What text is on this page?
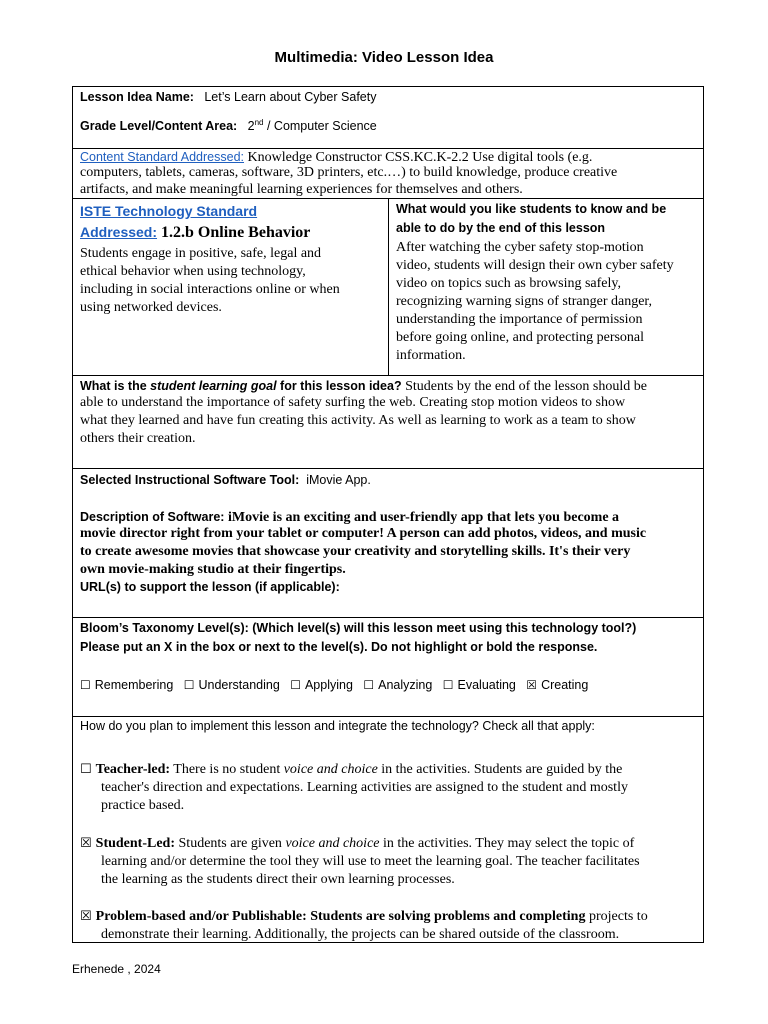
Multimedia: Video Lesson Idea
Lesson Idea Name: Let’s Learn about Cyber Safety
Grade Level/Content Area: 2nd / Computer Science
Content Standard Addressed: Knowledge Constructor CSS.KC.K-2.2 Use digital tools (e.g.
computers, tablets, cameras, software, 3D printers, etc.…) to build knowledge, produce creative
artifacts, and make meaningful learning experiences for themselves and others.
ISTE Technology Standard
Addressed: 1.2.b Online Behavior
Students engage in positive, safe, legal and
ethical behavior when using technology,
including in social interactions online or when
using networked devices.
What would you like students to know and be
able to do by the end of this lesson
After watching the cyber safety stop-motion
video, students will design their own cyber safety
video on topics such as browsing safely,
recognizing warning signs of stranger danger,
understanding the importance of permission
before going online, and protecting personal
information.
What is the student learning goal for this lesson idea? Students by the end of the lesson should be
able to understand the importance of safety surfing the web. Creating stop motion videos to show
what they learned and have fun creating this activity. As well as learning to work as a team to show
others their creation.
Selected Instructional Software Tool: iMovie App.
Description of Software: iMovie is an exciting and user-friendly app that lets you become a
movie director right from your tablet or computer! A person can add photos, videos, and music
to create awesome movies that showcase your creativity and storytelling skills. It's their very
own movie-making studio at their fingertips.
URL(s) to support the lesson (if applicable):
Bloom’s Taxonomy Level(s): (Which level(s) will this lesson meet using this technology tool?)
Please put an X in the box or next to the level(s). Do not highlight or bold the response.
☐ Remembering ☐ Understanding ☐ Applying ☐ Analyzing ☐ Evaluating ☒ Creating
How do you plan to implement this lesson and integrate the technology? Check all that apply:
☐ Teacher-led: There is no student voice and choice in the activities. Students are guided by the
teacher's direction and expectations. Learning activities are assigned to the student and mostly
practice based.
☒ Student-Led: Students are given voice and choice in the activities. They may select the topic of
learning and/or determine the tool they will use to meet the learning goal. The teacher facilitates
the learning as the students direct their own learning processes.
☒ Problem-based and/or Publishable: Students are solving problems and completing projects to
demonstrate their learning. Additionally, the projects can be shared outside of the classroom.
Erhenede , 2024
